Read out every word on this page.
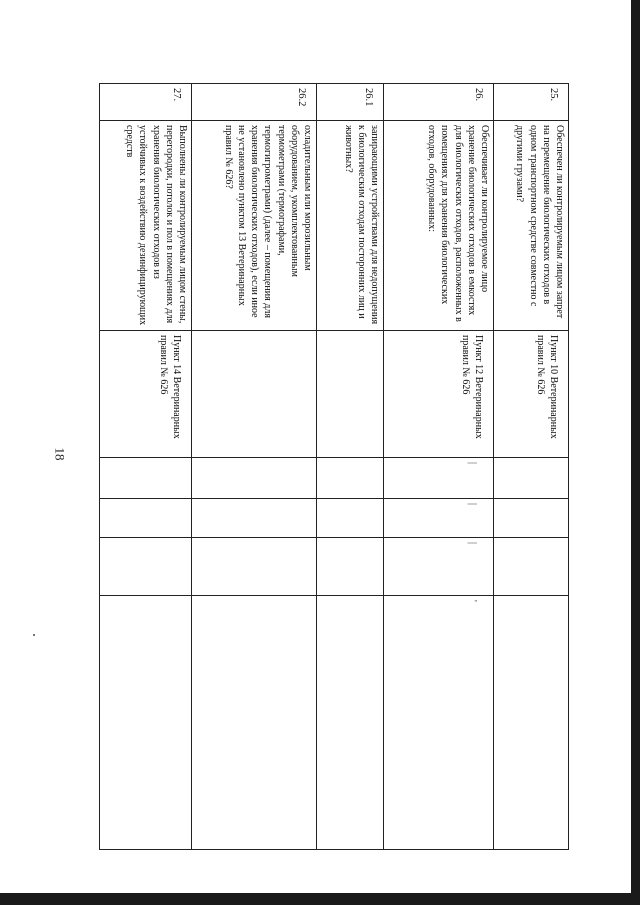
18
25.	Обеспечен ли контролируемым лицом запрет на перемещение биологических отходов в одном транспортном средстве совместно с другими грузами?	Пункт 10 Ветеринарных правил № 626				
26.	Обеспечивает ли контролируемое лицо хранение биологических отходов в емкостях для биологических отходов, расположенных в помещениях для хранения биологических отходов, оборудованных:	Пункт 12 Ветеринарных правил № 626	|	|	|	'
26.1	запирающими устройствами для недопущения к биологическим отходам посторонних лиц и животных?					
26.2	охладительным или морозильным оборудованием, укомплектованным термометрами (термографами, термогигрометрами) (далее – помещения для хранения биологических отходов), если иное не установлено пунктом 13 Ветеринарных правил № 626?					
27.	Выполнены ли контролируемым лицом стены, перегородки, потолок и пол в помещениях для хранения биологических отходов из устойчивых к воздействию дезинфицирующих средств	Пункт 14 Ветеринарных правил № 626				
